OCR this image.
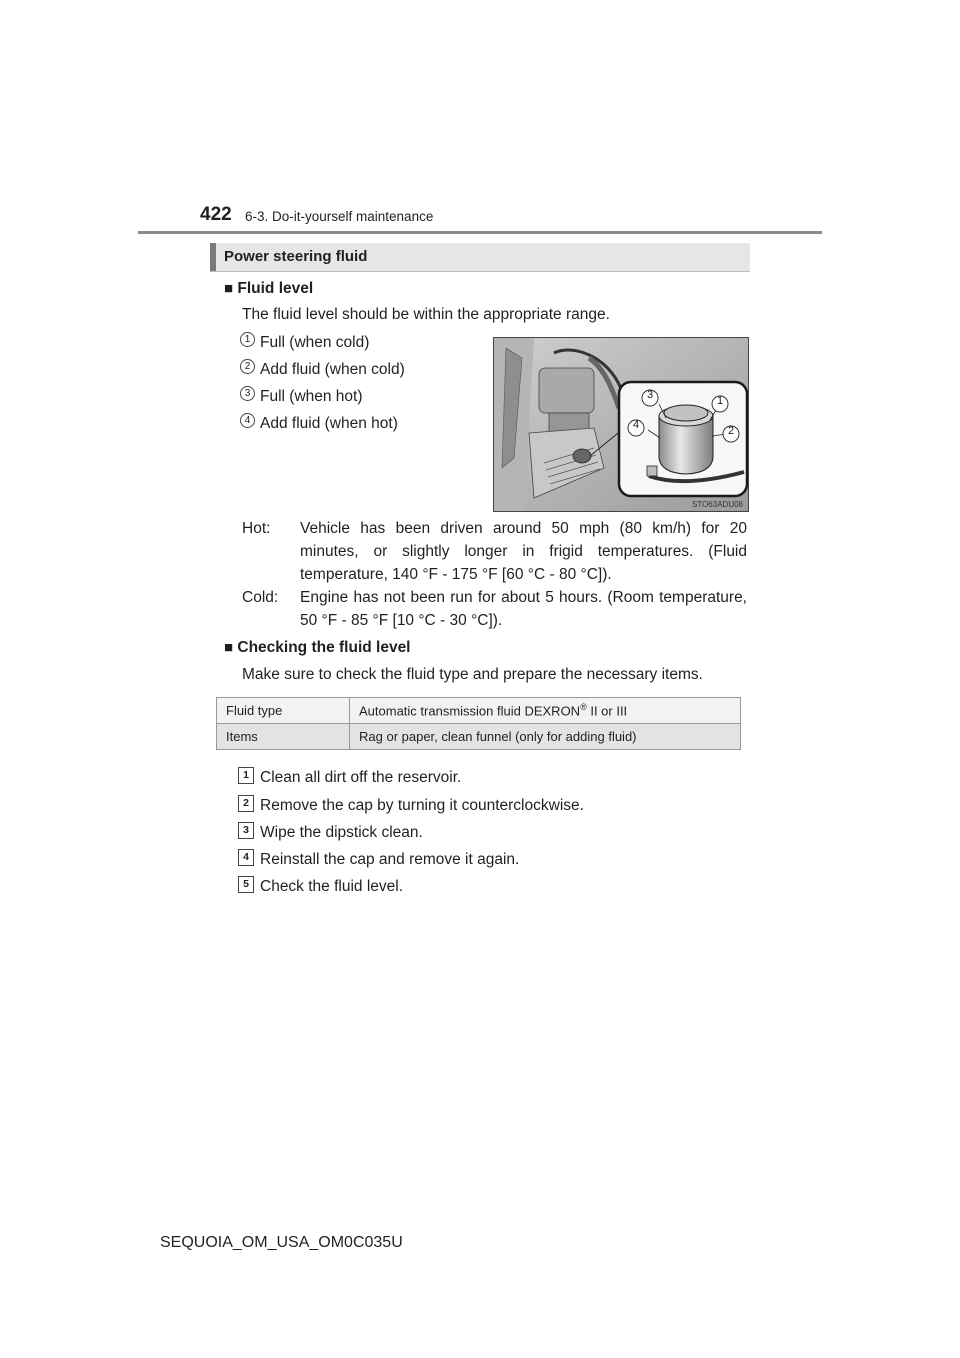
422 6-3. Do-it-yourself maintenance
Power steering fluid
■ Fluid level
The fluid level should be within the appropriate range.
1 Full (when cold)
2 Add fluid (when cold)
3 Full (when hot)
4 Add fluid (when hot)
3	1
2
4
STO63ADU08
Hot: Vehicle has been driven around 50 mph (80 km/h) for 20 minutes, or slightly longer in frigid temperatures. (Fluid temperature, 140 °F - 175 °F [60 °C - 80 °C]).
Cold: Engine has not been run for about 5 hours. (Room temperature, 50 °F - 85 °F [10 °C - 30 °C]).
■ Checking the fluid level
Make sure to check the fluid type and prepare the necessary items.
Fluid type	Automatic transmission fluid DEXRON® II or III
Items	Rag or paper, clean funnel (only for adding fluid)
1 Clean all dirt off the reservoir.
2 Remove the cap by turning it counterclockwise.
3 Wipe the dipstick clean.
4 Reinstall the cap and remove it again.
5 Check the fluid level.
SEQUOIA_OM_USA_OM0C035U
